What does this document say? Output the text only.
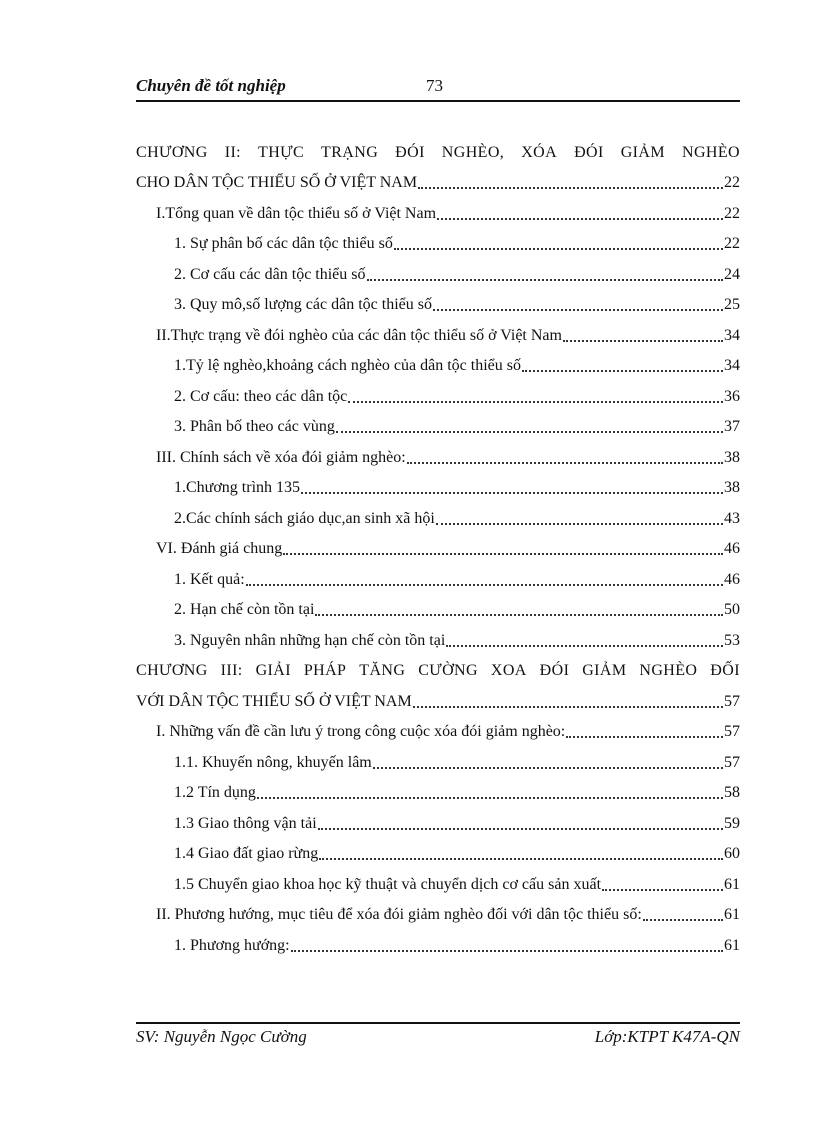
Chuyên đề tốt nghiệp	73
CHƯƠNG II: THỰC TRẠNG ĐÓI NGHÈO, XÓA ĐÓI GIẢM NGHÈO
CHO DÂN TỘC THIỂU SỐ Ở VIỆT NAM	22
I.Tổng quan về dân tộc thiểu số ở Việt Nam	22
1. Sự phân bố các dân tộc thiểu số	22
2. Cơ cấu các dân tộc thiểu số	24
3. Quy mô,số lượng các dân tộc thiểu số	25
II.Thực trạng về đói nghèo của các dân tộc thiểu số ở Việt Nam	34
1.Tỷ lệ nghèo,khoảng cách nghèo của dân tộc thiểu số	34
2. Cơ cấu: theo các dân tộc	36
3. Phân bố theo các vùng	37
III. Chính sách về xóa đói giảm nghèo:	38
1.Chương trình 135	38
2.Các chính sách giáo dục,an sinh xã hội	43
VI. Đánh giá chung	46
1. Kết quả:	46
2. Hạn chế còn tồn tại	50
3. Nguyên nhân những hạn chế còn tồn tại	53
CHƯƠNG III: GIẢI PHÁP TĂNG CƯỜNG XOA ĐÓI GIẢM NGHÈO ĐỐI
VỚI DÂN TỘC THIỂU SỐ Ở VIỆT NAM	57
I. Những vấn đề cần lưu ý trong công cuộc xóa đói giảm nghèo:	57
1.1. Khuyến nông, khuyến lâm	57
1.2 Tín dụng	58
1.3 Giao thông vận tải	59
1.4 Giao đất giao rừng	60
1.5 Chuyển giao khoa học kỹ thuật và chuyển dịch cơ cấu sản xuất	61
II. Phương hướng, mục tiêu để xóa đói giảm nghèo đối với dân tộc thiểu số:	61
1. Phương hướng:	61
SV: Nguyễn Ngọc Cường	Lớp:KTPT K47A-QN
